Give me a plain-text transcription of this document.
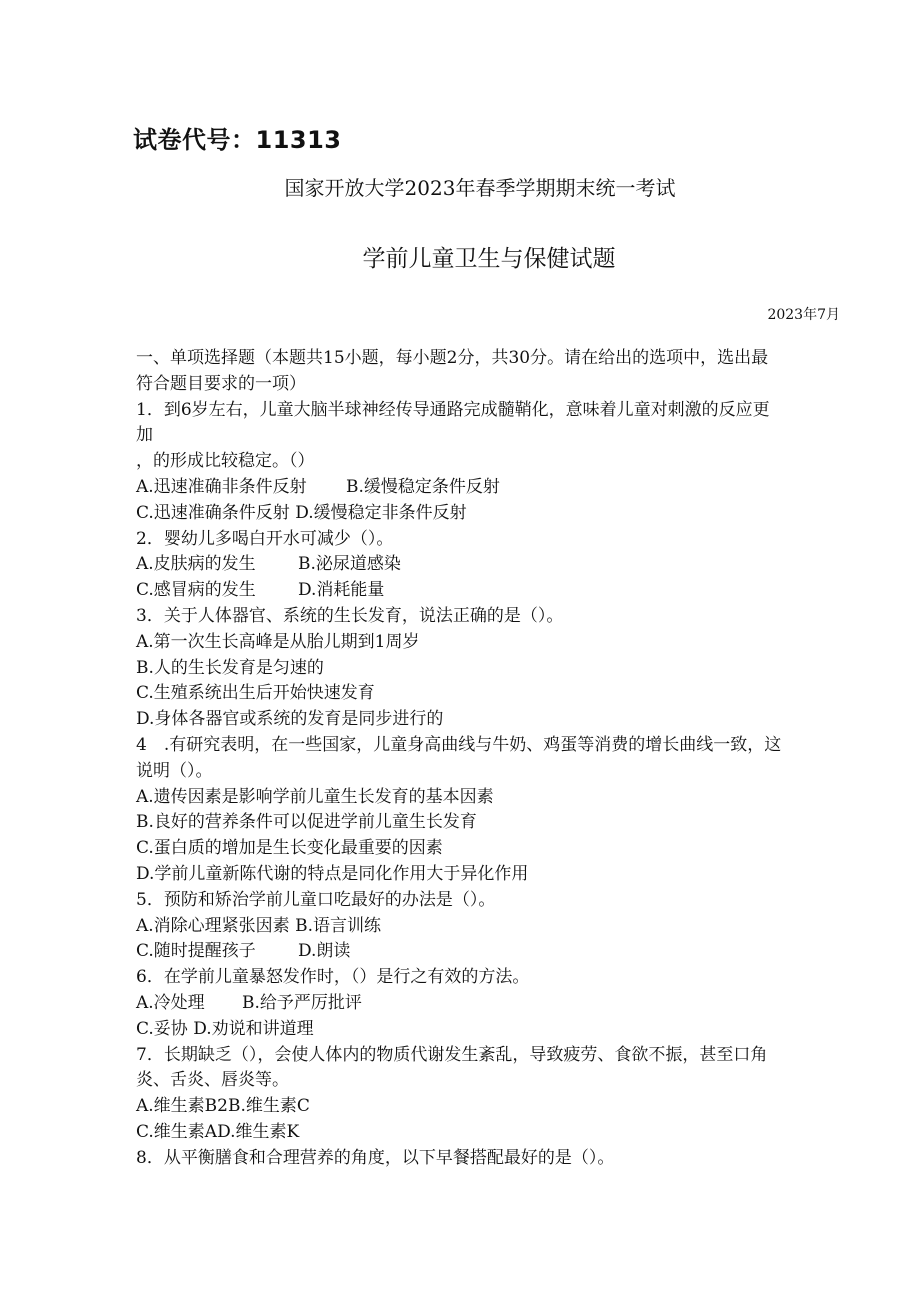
试卷代号：11313
国家开放大学2023年春季学期期末统一考试
学前儿童卫生与保健试题
2023年7月
一、单项选择题（本题共15小题，每小题2分，共30分。请在给出的选项中，选出最
符合题目要求的一项）
1．到6岁左右，儿童大脑半球神经传导通路完成髓鞘化，意味着儿童对刺激的反应更
加
，的形成比较稳定。（）
A.迅速准确非条件反射 B.缓慢稳定条件反射
C.迅速准确条件反射 D.缓慢稳定非条件反射
2．婴幼儿多喝白开水可减少（）。
A.皮肤病的发生 B.泌尿道感染
C.感冒病的发生 D.消耗能量
3．关于人体器官、系统的生长发育，说法正确的是（）。
A.第一次生长高峰是从胎儿期到1周岁
B.人的生长发育是匀速的
C.生殖系统出生后开始快速发育
D.身体各器官或系统的发育是同步进行的
4　.有研究表明，在一些国家，儿童身高曲线与牛奶、鸡蛋等消费的增长曲线一致，这
说明（）。
A.遗传因素是影响学前儿童生长发育的基本因素
B.良好的营养条件可以促进学前儿童生长发育
C.蛋白质的增加是生长变化最重要的因素
D.学前儿童新陈代谢的特点是同化作用大于异化作用
5．预防和矫治学前儿童口吃最好的办法是（）。
A.消除心理紧张因素 B.语言训练
C.随时提醒孩子 D.朗读
6．在学前儿童暴怒发作时，（）是行之有效的方法。
A.冷处理 B.给予严厉批评
C.妥协 D.劝说和讲道理
7．长期缺乏（），会使人体内的物质代谢发生紊乱，导致疲劳、食欲不振，甚至口角
炎、舌炎、唇炎等。
A.维生素B2B.维生素C
C.维生素AD.维生素K
8．从平衡膳食和合理营养的角度，以下早餐搭配最好的是（）。
